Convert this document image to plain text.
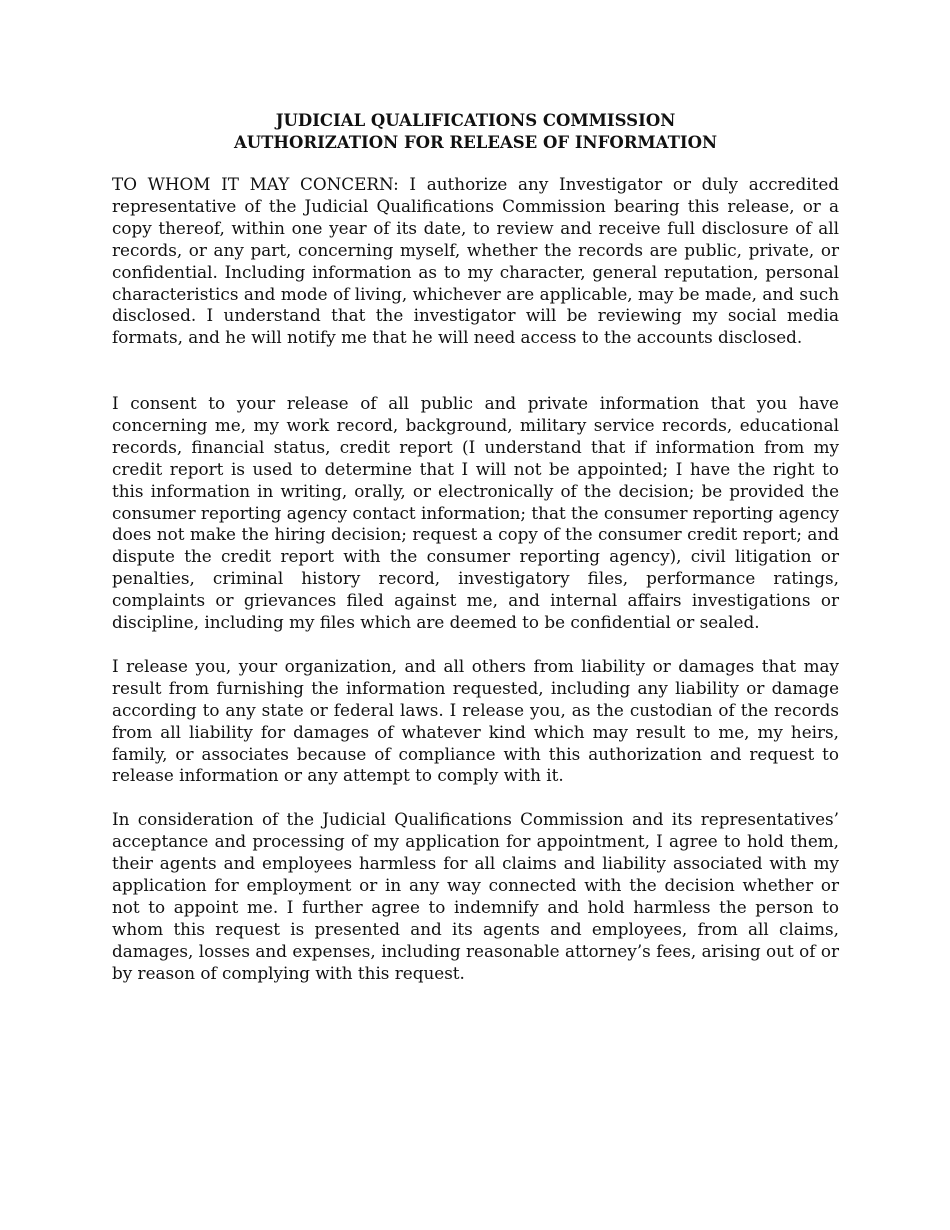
JUDICIAL QUALIFICATIONS COMMISSION
AUTHORIZATION FOR RELEASE OF INFORMATION

TO WHOM IT MAY CONCERN: I authorize any Investigator or duly accredited representative of the Judicial Qualifications Commission bearing this release, or a copy thereof, within one year of its date, to review and receive full disclosure of all records, or any part, concerning myself, whether the records are public, private, or confidential. Including information as to my character, general reputation, personal characteristics and mode of living, whichever are applicable, may be made, and such disclosed. I understand that the investigator will be reviewing my social media formats, and he will notify me that he will need access to the accounts disclosed.

I consent to your release of all public and private information that you have concerning me, my work record, background, military service records, educational records, financial status, credit report (I understand that if information from my credit report is used to determine that I will not be appointed; I have the right to this information in writing, orally, or electronically of the decision; be provided the consumer reporting agency contact information; that the consumer reporting agency does not make the hiring decision; request a copy of the consumer credit report; and dispute the credit report with the consumer reporting agency), civil litigation or penalties, criminal history record, investigatory files, performance ratings, complaints or grievances filed against me, and internal affairs investigations or discipline, including my files which are deemed to be confidential or sealed.

I release you, your organization, and all others from liability or damages that may result from furnishing the information requested, including any liability or damage according to any state or federal laws. I release you, as the custodian of the records from all liability for damages of whatever kind which may result to me, my heirs, family, or associates because of compliance with this authorization and request to release information or any attempt to comply with it.

In consideration of the Judicial Qualifications Commission and its representatives’ acceptance and processing of my application for appointment, I agree to hold them, their agents and employees harmless for all claims and liability associated with my application for employment or in any way connected with the decision whether or not to appoint me. I further agree to indemnify and hold harmless the person to whom this request is presented and its agents and employees, from all claims, damages, losses and expenses, including reasonable attorney’s fees, arising out of or by reason of complying with this request.
